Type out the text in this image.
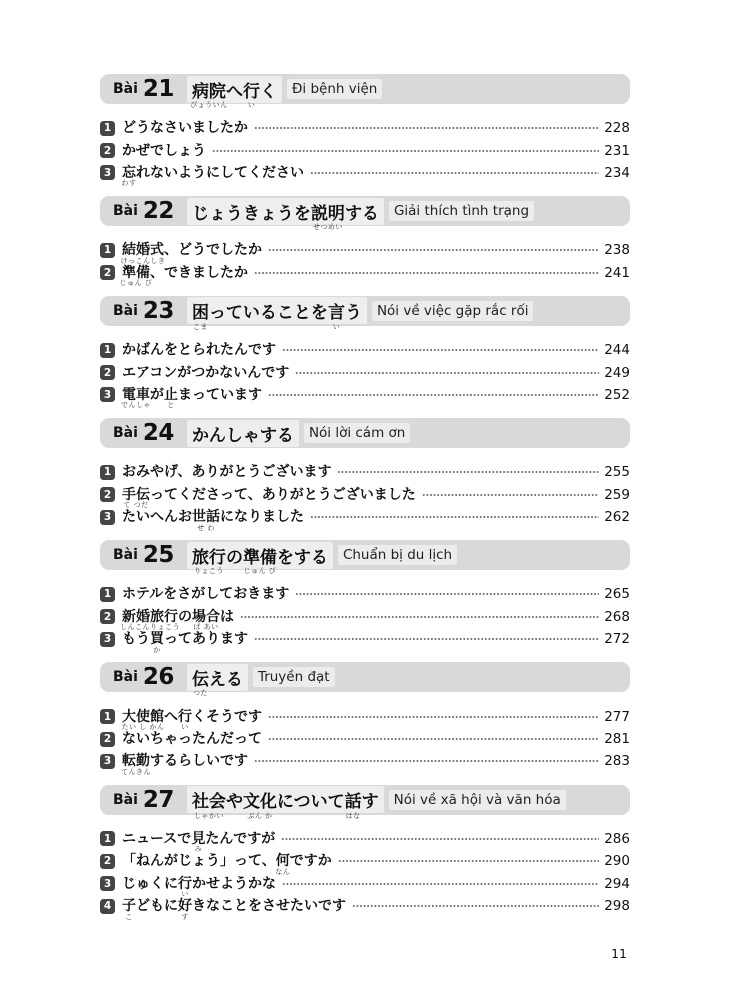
Bài 21 病院
びょういん
へ行
い
く	Đi bệnh viện
1 どうなさいましたか	228
2 かぜでしょう	231
3 忘
わす
れないようにしてください	234
Bài 22 じょうきょうを説明
せつめい
する	Giải thích tình trạng
1 結婚式
けっこんしき
、どうでしたか	238
2 準備
じゅん び
、できましたか	241
Bài 23 困
こま
っていることを言
い
う	Nói về việc gặp rắc rối
1 かばんをとられたんです	244
2 エアコンがつかないんです	249
3 電車
でんしゃ
が止
と
まっています	252
Bài 24 かんしゃする	Nói lời cám ơn
1 おみやげ、ありがとうございます	255
2 手伝
て つだ
ってくださって、ありがとうございました	259
3 たいへんお世話
せ わ
になりました	262
Bài 25 旅行
りょこう
の準備
じゅん び
をする	Chuẩn bị du lịch
1 ホテルをさがしておきます	265
2 新婚旅行
しんこんりょこう
の場合
ば あい
は	268
3 もう買
か
ってあります	272
Bài 26 伝
つた
える	Truyền đạt
1 大使館
たい し かん
へ行
い
くそうです	277
2 ないちゃったんだって	281
3 転勤
てんきん
するらしいです	283
Bài 27 社会
しゃかい
や文化
ぶん か
について話
はな
す	Nói về xã hội và văn hóa
1 ニュースで見
み
たんですが	286
2 「ねんがじょう」って、何
なん
ですか	290
3 じゅくに行
い
かせようかな	294
4 子
こ
どもに好
す
きなことをさせたいです	298
11
